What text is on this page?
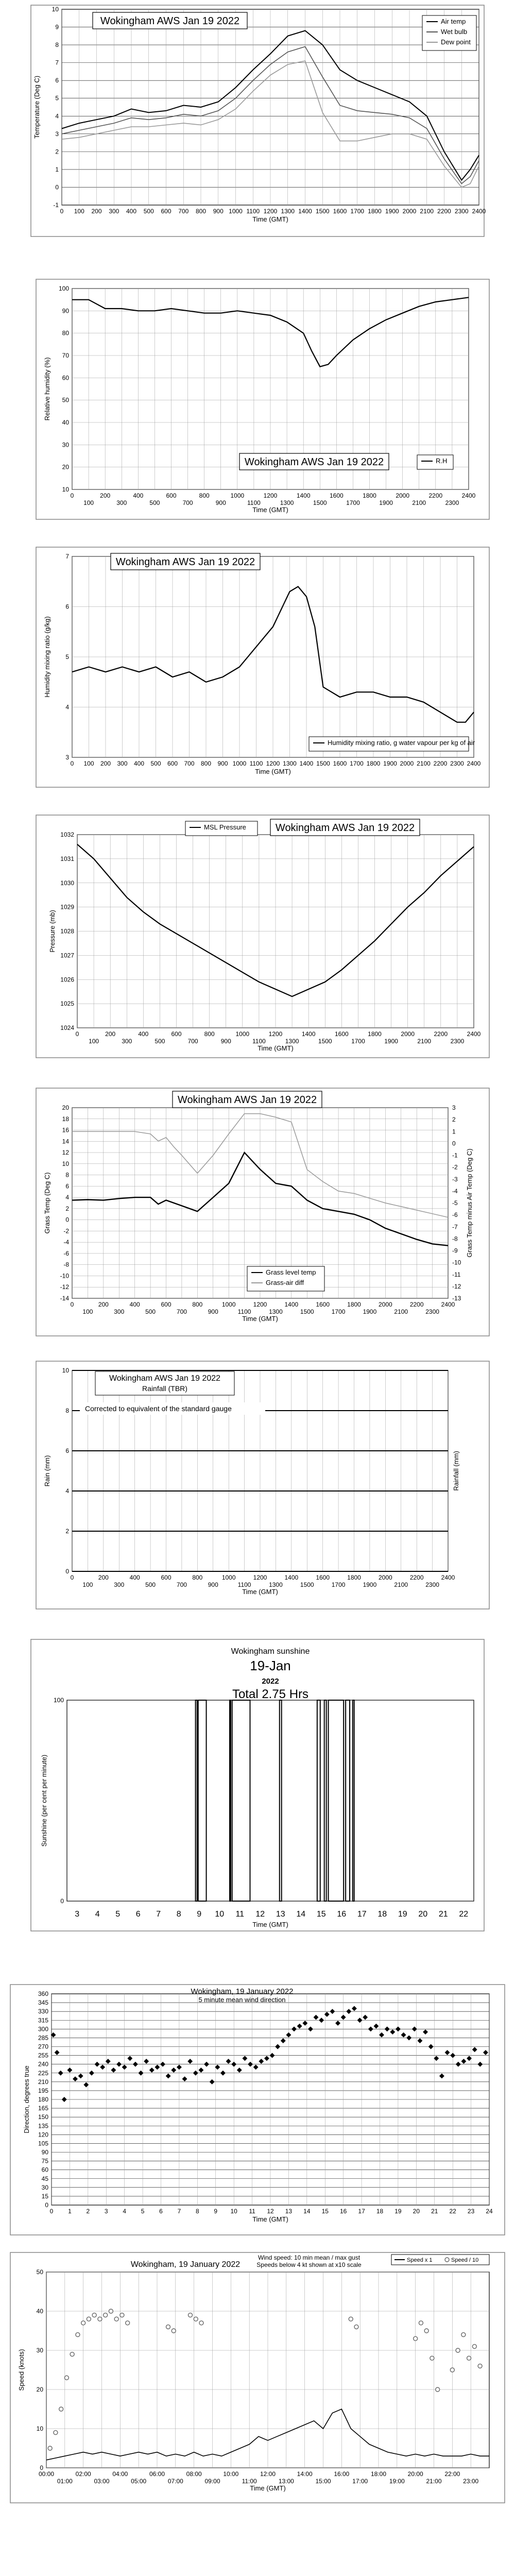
-1
0
1
2
3
4
5
6
7
8
9
10
0 100 200 300 400 500 600 700 800 900 1000 1100 1200 1300 1400 1500 1600 1700 1800 1900 2000 2100 2200 2300 2400
Time (GMT)
Temperature (Deg C)
Wokingham AWS Jan 19 2022	Air temp
Wet bulb
Dew point
10
20
30
40
50
60
70
80
90
100
0	200	400	600	800	1000	1200	1400	1600	1800	2000	2200	2400
100	300	500	700	900	1100	1300	1500	1700	1900	2100	2300
Time (GMT)
Relative humidity (%)
Wokingham AWS Jan 19 2022	R.H
3
4
5
6
7
0 100 200 300 400 500 600 700 800 900 1000 1100 1200 1300 1400 1500 1600 1700 1800 1900 2000 2100 2200 2300 2400
Time (GMT)
Humidity mixing ratio (g/kg)
Wokingham AWS Jan 19 2022
Humidity mixing ratio, g water vapour per kg of air
1024
1025
1026
1027
1028
1029
1030
1031
1032
0	200	400	600	800	1000	1200	1400	1600	1800	2000	2200	2400
100	300	500	700	900	1100	1300	1500	1700	1900	2100	2300
Time (GMT)
Pressure (mb)
MSL Pressure	Wokingham AWS Jan 19 2022
-14
-12
-10
-8
-6
-4
-2
0
2
4
6
8
10
12
14
16
18
20
0	200	400	600	800	1000	1200	1400	1600	1800	2000	2200	2400
100	300	500	700	900	1100	1300	1500	1700	1900	2100	2300
Time (GMT)
Grass Temp (Deg C)
-13
-12
-11
-10
-9
-8
-7
-6
-5
-4
-3
-2
-1
0
1
2
3
Grass Temp minus Air Temp (Deg C)
Wokingham AWS Jan 19 2022
Grass level temp
Grass-air diff
0
2
4
6
8
10
0	200	400	600	800	1000	1200	1400	1600	1800	2000	2200	2400
100	300	500	700	900	1100	1300	1500	1700	1900	2100	2300
Time (GMT)
Rain (mm)	Rainfall (mm)
Wokingham AWS Jan 19 2022
Rainfall (TBR)
Corrected to equivalent of the standard gauge
0
100
3 4 5 6 7 8 9 10 11 12 13 14 15 16 17 18 19 20 21 22
Time (GMT)
Sunshine (per cent per minute)
Wokingham sunshine
19-Jan
2022
Total 2.75 Hrs
0
15
30
45
60
75
90
105
120
135
150
165
180
195
210
225
240
255
270
285
300
315
330
345
360
0 1 2 3 4 5 6 7 8 9 10 11 12 13 14 15 16 17 18 19 20 21 22 23 24
Time (GMT)
Direction, degrees true
Wokingham, 19 January 2022
5 minute mean wind direction
0
10
20
30
40
50
00:00	02:00	04:00	06:00	08:00	10:00	12:00	14:00	16:00	18:00	20:00	22:00
01:00	03:00	05:00	07:00	09:00	11:00	13:00	15:00	17:00	19:00	21:00	23:00
Time (GMT)
Speed (knots)
Wokingham, 19 January 2022
Wind speed: 10 min mean / max gust
Speeds below 4 kt shown at x10 scale
Speed x 1	Speed / 10
